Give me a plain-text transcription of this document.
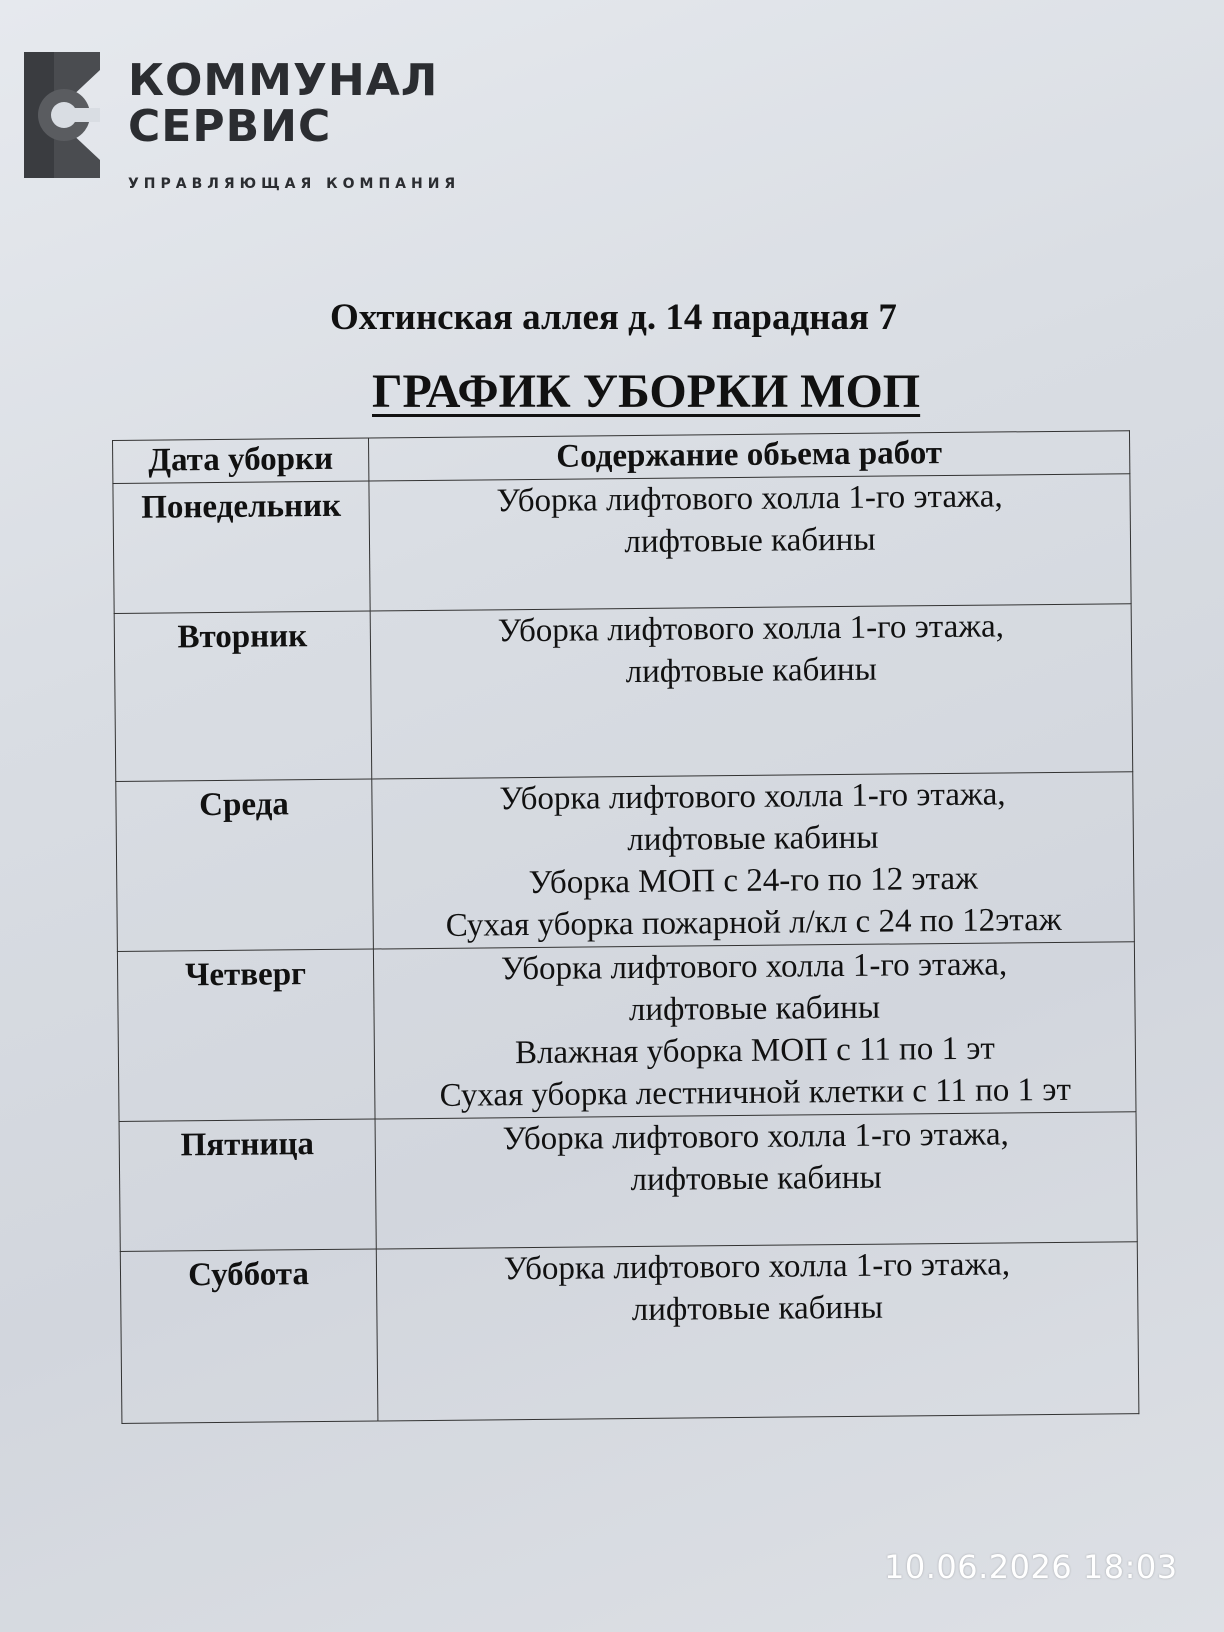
КОММУНАЛ
СЕРВИС
УПРАВЛЯЮЩАЯ КОМПАНИЯ
Охтинская аллея д. 14 парадная 7
ГРАФИК УБОРКИ МОП
Дата уборки	Содержание обьема работ
Понедельник	Уборка лифтового холла 1-го этажа,
лифтовые кабины

Вторник	Уборка лифтового холла 1-го этажа,
лифтовые кабины

Среда	Уборка лифтового холла 1-го этажа,
лифтовые кабины
Уборка МОП с 24-го по 12 этаж
Сухая уборка пожарной л/кл с 24 по 12этаж

Четверг	Уборка лифтового холла 1-го этажа,
лифтовые кабины
Влажная уборка МОП с 11 по 1 эт
Сухая уборка лестничной клетки с 11 по 1 эт

Пятница	Уборка лифтового холла 1-го этажа,
лифтовые кабины

Суббота	Уборка лифтового холла 1-го этажа,
лифтовые кабины
10.06.2026 18:03
